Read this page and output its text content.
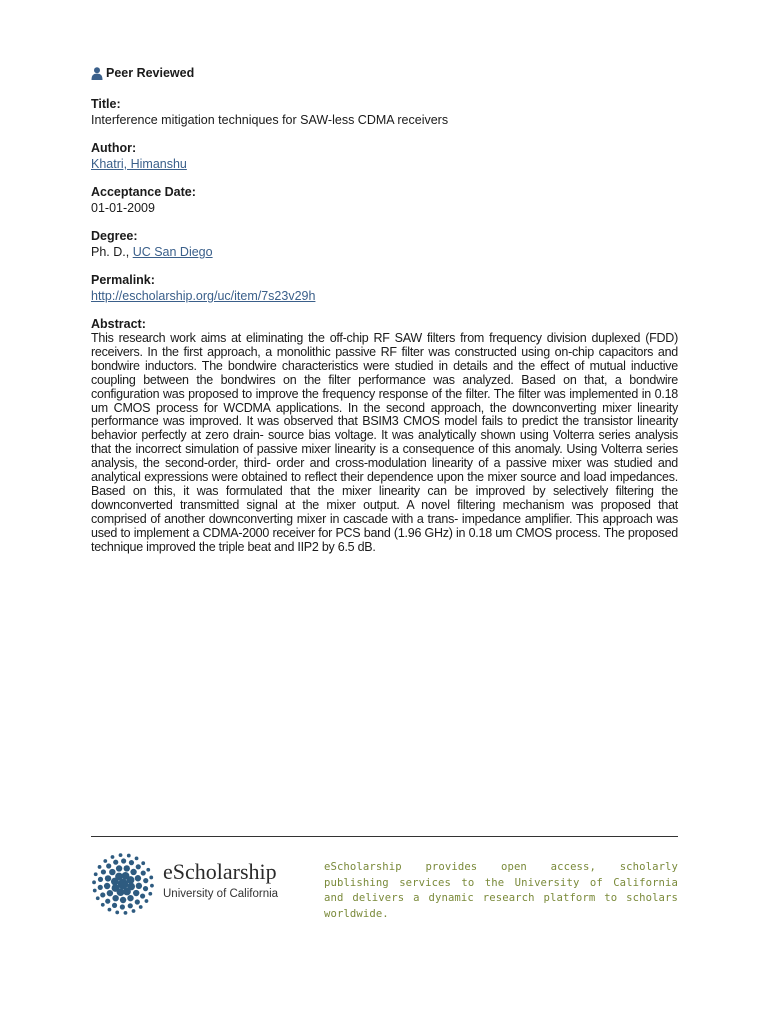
Peer Reviewed
Title:
Interference mitigation techniques for SAW-less CDMA receivers
Author:
Khatri, Himanshu
Acceptance Date:
01-01-2009
Degree:
Ph. D., UC San Diego
Permalink:
http://escholarship.org/uc/item/7s23v29h
Abstract:

This research work aims at eliminating the off-chip RF SAW filters from frequency division duplexed (FDD) receivers. In the first approach, a monolithic passive RF filter was constructed using on-chip capacitors and bondwire inductors. The bondwire characteristics were studied in details and the effect of mutual inductive coupling between the bondwires on the filter performance was analyzed. Based on that, a bondwire configuration was proposed to improve the frequency response of the filter. The filter was implemented in 0.18 um CMOS process for WCDMA applications. In the second approach, the downconverting mixer linearity performance was improved. It was observed that BSIM3 CMOS model fails to predict the transistor linearity behavior perfectly at zero drain- source bias voltage. It was analytically shown using Volterra series analysis that the incorrect simulation of passive mixer linearity is a consequence of this anomaly. Using Volterra series analysis, the second-order, third- order and cross-modulation linearity of a passive mixer was studied and analytical expressions were obtained to reflect their dependence upon the mixer source and load impedances. Based on this, it was formulated that the mixer linearity can be improved by selectively filtering the downconverted transmitted signal at the mixer output. A novel filtering mechanism was proposed that comprised of another downconverting mixer in cascade with a trans- impedance amplifier. This approach was used to implement a CDMA-2000 receiver for PCS band (1.96 GHz) in 0.18 um CMOS process. The proposed technique improved the triple beat and IIP2 by 6.5 dB.

eScholarship
University of California
eScholarship provides open access, scholarly publishing services to the University of California and delivers a dynamic research platform to scholars worldwide.
